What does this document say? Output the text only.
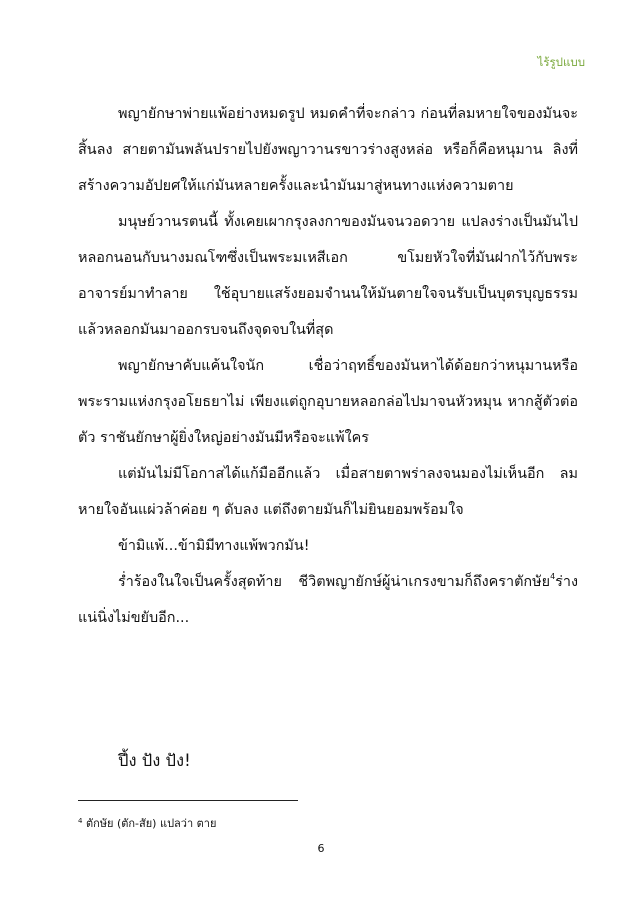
ไร้รูปแบบ

พญายักษาพ่ายแพ้อย่างหมดรูป หมดคำที่จะกล่าว ก่อนที่ลมหายใจของมันจะสิ้นลง สายตามันพลันปรายไปยังพญาวานรขาวร่างสูงหล่อ หรือก็คือหนุมาน ลิงที่สร้างความอัปยศให้แก่มันหลายครั้งและนำมันมาสู่หนทางแห่งความตาย

มนุษย์วานรตนนี้ ทั้งเคยเผากรุงลงกาของมันจนวอดวาย แปลงร่างเป็นมันไปหลอกนอนกับนางมณโฑซึ่งเป็นพระมเหสีเอก ขโมยหัวใจที่มันฝากไว้กับพระอาจารย์มาทำลาย ใช้อุบายแสร้งยอมจำนนให้มันตายใจจนรับเป็นบุตรบุญธรรม แล้วหลอกมันมาออกรบจนถึงจุดจบในที่สุด

พญายักษาคับแค้นใจนัก เชื่อว่าฤทธิ์ของมันหาได้ด้อยกว่าหนุมานหรือพระรามแห่งกรุงอโยธยาไม่ เพียงแต่ถูกอุบายหลอกล่อไปมาจนหัวหมุน หากสู้ตัวต่อตัว ราชันยักษาผู้ยิ่งใหญ่อย่างมันมีหรือจะแพ้ใคร

แต่มันไม่มีโอกาสได้แก้มืออีกแล้ว เมื่อสายตาพร่าลงจนมองไม่เห็นอีก ลมหายใจอันแผ่วล้าค่อย ๆ ดับลง แต่ถึงตายมันก็ไม่ยินยอมพร้อมใจ

ข้ามิแพ้...ข้ามิมีทางแพ้พวกมัน!

ร่ำร้องในใจเป็นครั้งสุดท้าย ชีวิตพญายักษ์ผู้น่าเกรงขามก็ถึงคราตักษัย$^4$ร่างแน่นิ่งไม่ขยับอีก...

ปึ้ง ปัง ปัง!
$^4$ ตักษัย (ตัก-สัย) แปลว่า ตาย
6
